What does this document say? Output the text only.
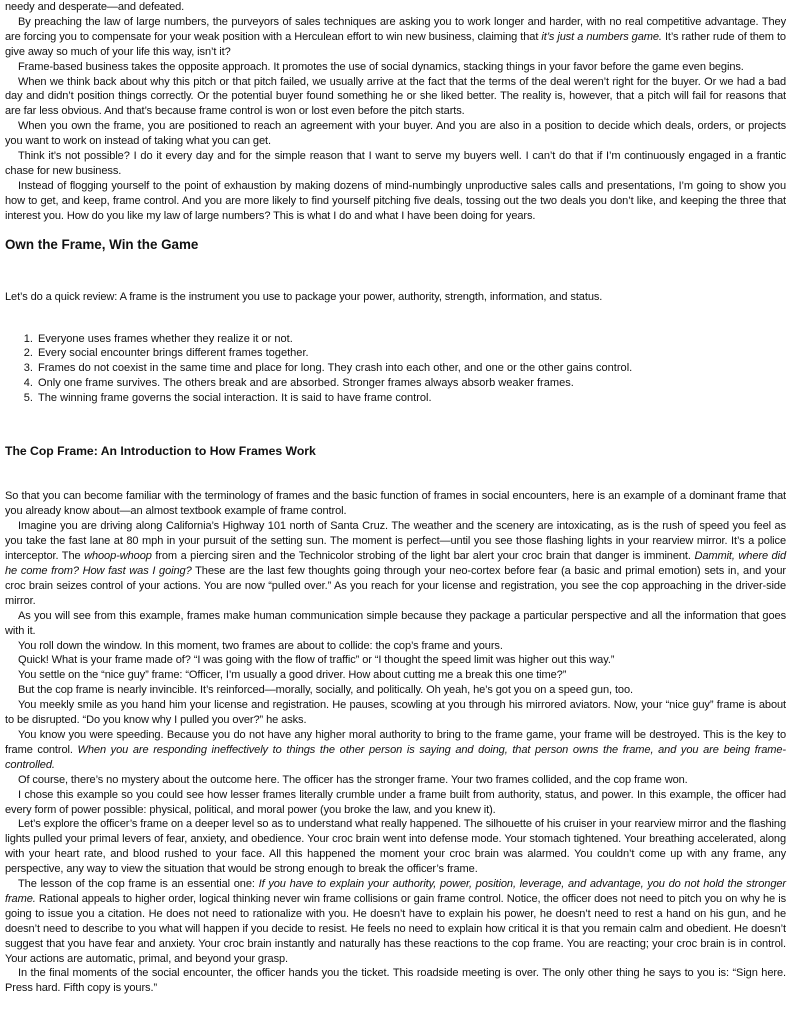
needy and desperate—and defeated.

By preaching the law of large numbers, the purveyors of sales techniques are asking you to work longer and harder, with no real competitive advantage. They are forcing you to compensate for your weak position with a Herculean effort to win new business, claiming that it’s just a numbers game. It’s rather rude of them to give away so much of your life this way, isn’t it?

Frame-based business takes the opposite approach. It promotes the use of social dynamics, stacking things in your favor before the game even begins.

When we think back about why this pitch or that pitch failed, we usually arrive at the fact that the terms of the deal weren’t right for the buyer. Or we had a bad day and didn’t position things correctly. Or the potential buyer found something he or she liked better. The reality is, however, that a pitch will fail for reasons that are far less obvious. And that’s because frame control is won or lost even before the pitch starts.

When you own the frame, you are positioned to reach an agreement with your buyer. And you are also in a position to decide which deals, orders, or projects you want to work on instead of taking what you can get.

Think it’s not possible? I do it every day and for the simple reason that I want to serve my buyers well. I can’t do that if I’m continuously engaged in a frantic chase for new business.

Instead of flogging yourself to the point of exhaustion by making dozens of mind-numbingly unproductive sales calls and presentations, I’m going to show you how to get, and keep, frame control. And you are more likely to find yourself pitching five deals, tossing out the two deals you don’t like, and keeping the three that interest you. How do you like my law of large numbers? This is what I do and what I have been doing for years.

Own the Frame, Win the Game

Let’s do a quick review: A frame is the instrument you use to package your power, authority, strength, information, and status.

1. Everyone uses frames whether they realize it or not.
2. Every social encounter brings different frames together.
3. Frames do not coexist in the same time and place for long. They crash into each other, and one or the other gains control.
4. Only one frame survives. The others break and are absorbed. Stronger frames always absorb weaker frames.
5. The winning frame governs the social interaction. It is said to have frame control.
The Cop Frame: An Introduction to How Frames Work

So that you can become familiar with the terminology of frames and the basic function of frames in social encounters, here is an example of a dominant frame that you already know about—an almost textbook example of frame control.

Imagine you are driving along California’s Highway 101 north of Santa Cruz. The weather and the scenery are intoxicating, as is the rush of speed you feel as you take the fast lane at 80 mph in your pursuit of the setting sun. The moment is perfect—until you see those flashing lights in your rearview mirror. It’s a police interceptor. The whoop-whoop from a piercing siren and the Technicolor strobing of the light bar alert your croc brain that danger is imminent. Dammit, where did he come from? How fast was I going? These are the last few thoughts going through your neo-cortex before fear (a basic and primal emotion) sets in, and your croc brain seizes control of your actions. You are now “pulled over.” As you reach for your license and registration, you see the cop approaching in the driver-side mirror.

As you will see from this example, frames make human communication simple because they package a particular perspective and all the information that goes with it.

You roll down the window. In this moment, two frames are about to collide: the cop’s frame and yours.

Quick! What is your frame made of? “I was going with the flow of traffic” or “I thought the speed limit was higher out this way.”

You settle on the “nice guy” frame: “Officer, I’m usually a good driver. How about cutting me a break this one time?”

But the cop frame is nearly invincible. It’s reinforced—morally, socially, and politically. Oh yeah, he’s got you on a speed gun, too.

You meekly smile as you hand him your license and registration. He pauses, scowling at you through his mirrored aviators. Now, your “nice guy” frame is about to be disrupted. “Do you know why I pulled you over?” he asks.

You know you were speeding. Because you do not have any higher moral authority to bring to the frame game, your frame will be destroyed. This is the key to frame control. When you are responding ineffectively to things the other person is saying and doing, that person owns the frame, and you are being frame-controlled.

Of course, there’s no mystery about the outcome here. The officer has the stronger frame. Your two frames collided, and the cop frame won.

I chose this example so you could see how lesser frames literally crumble under a frame built from authority, status, and power. In this example, the officer had every form of power possible: physical, political, and moral power (you broke the law, and you knew it).

Let’s explore the officer’s frame on a deeper level so as to understand what really happened. The silhouette of his cruiser in your rearview mirror and the flashing lights pulled your primal levers of fear, anxiety, and obedience. Your croc brain went into defense mode. Your stomach tightened. Your breathing accelerated, along with your heart rate, and blood rushed to your face. All this happened the moment your croc brain was alarmed. You couldn’t come up with any frame, any perspective, any way to view the situation that would be strong enough to break the officer’s frame.

The lesson of the cop frame is an essential one: If you have to explain your authority, power, position, leverage, and advantage, you do not hold the stronger frame. Rational appeals to higher order, logical thinking never win frame collisions or gain frame control. Notice, the officer does not need to pitch you on why he is going to issue you a citation. He does not need to rationalize with you. He doesn’t have to explain his power, he doesn’t need to rest a hand on his gun, and he doesn’t need to describe to you what will happen if you decide to resist. He feels no need to explain how critical it is that you remain calm and obedient. He doesn’t suggest that you have fear and anxiety. Your croc brain instantly and naturally has these reactions to the cop frame. You are reacting; your croc brain is in control. Your actions are automatic, primal, and beyond your grasp.

In the final moments of the social encounter, the officer hands you the ticket. This roadside meeting is over. The only other thing he says to you is: “Sign here. Press hard. Fifth copy is yours.”
